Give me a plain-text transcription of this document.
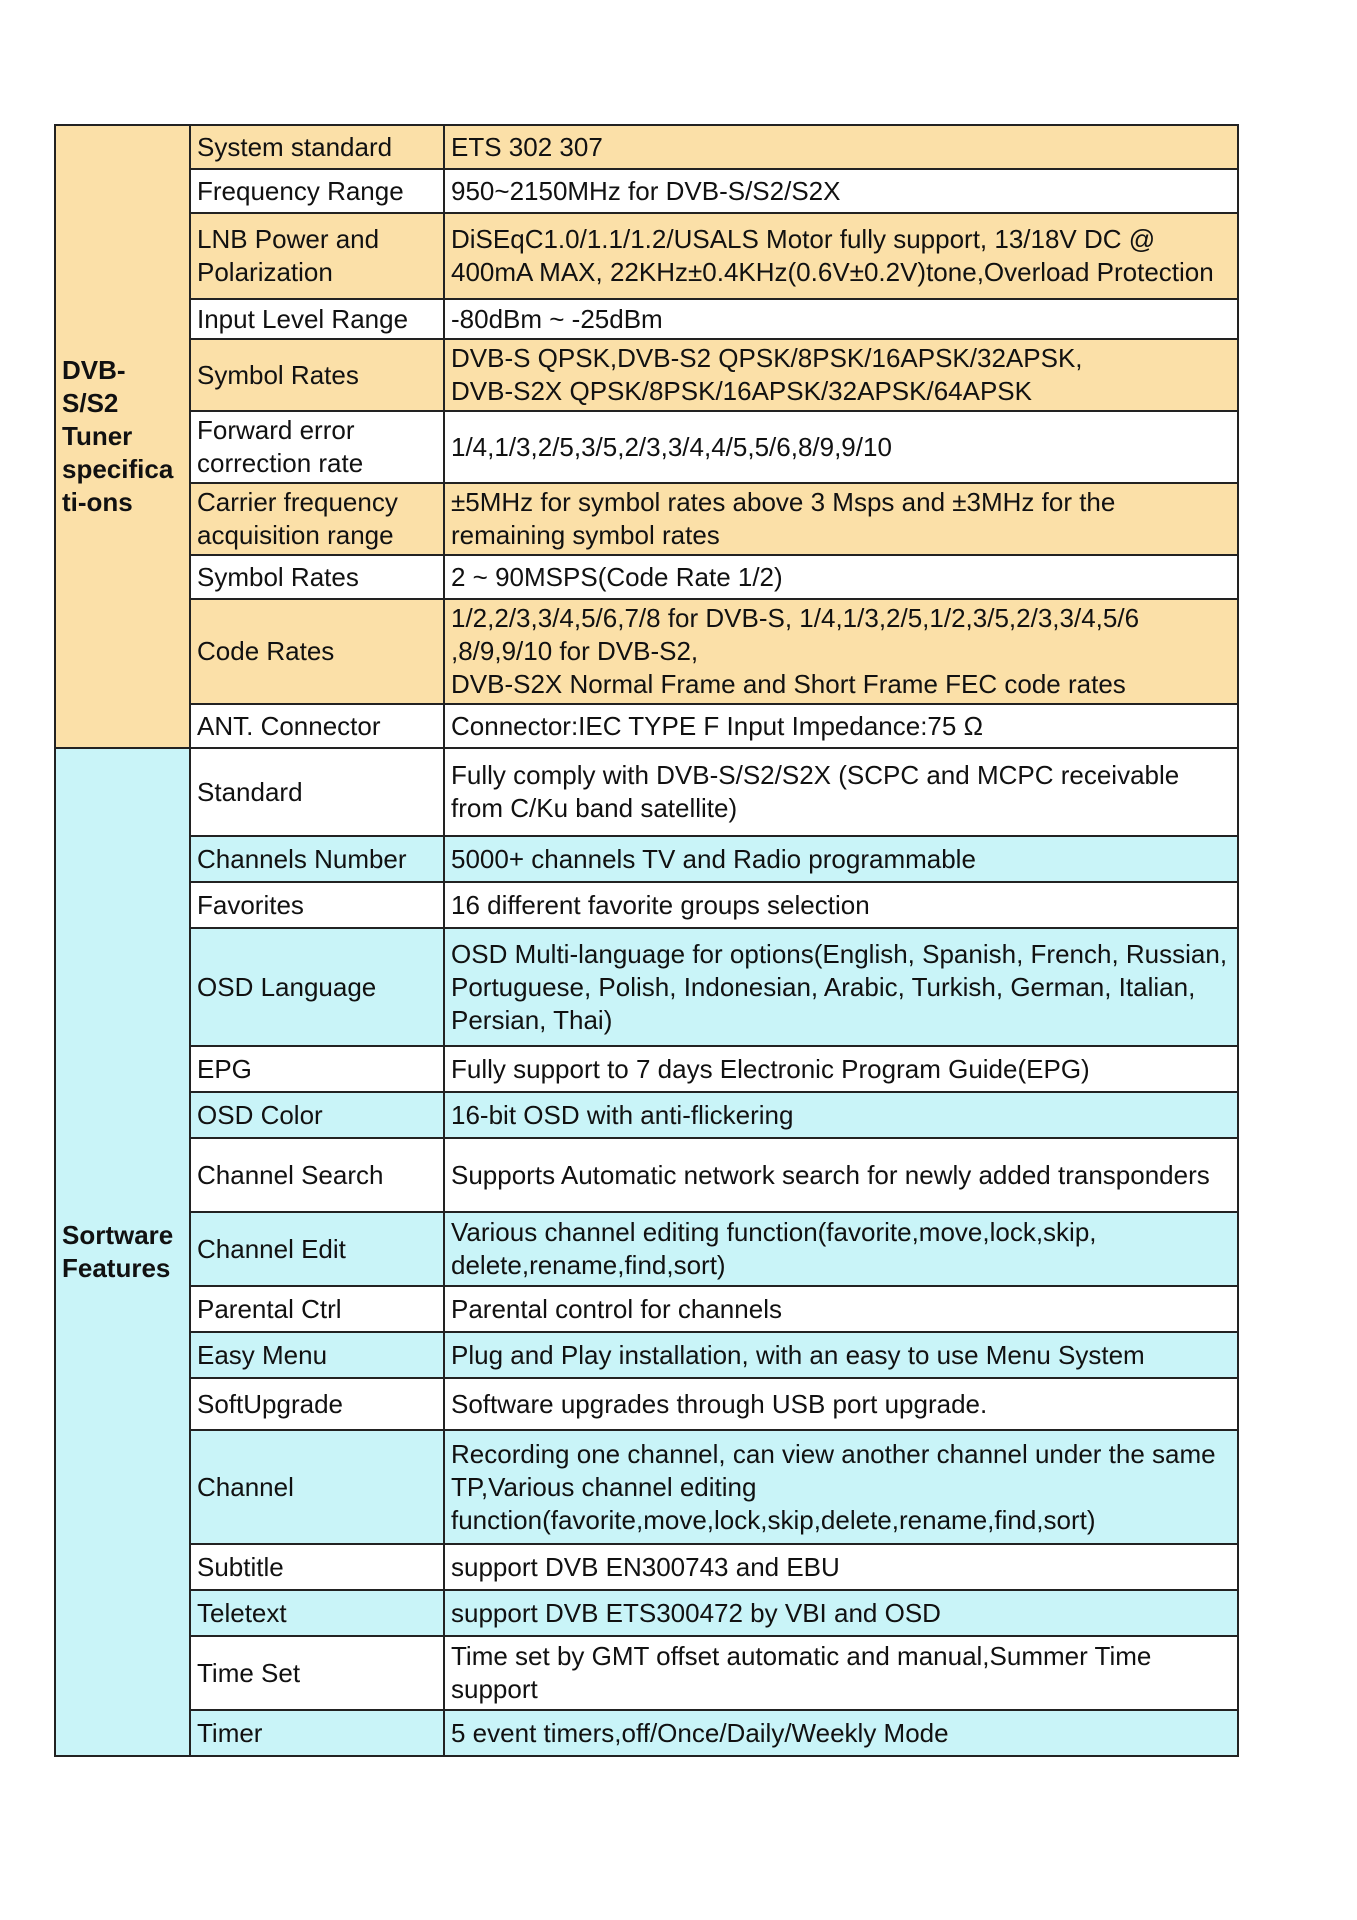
DVB-
S/S2
Tuner
specifica
ti-ons	System standard	ETS 302 307
	Frequency Range	950~2150MHz for DVB-S/S2/S2X
	LNB Power and Polarization	DiSEqC1.0/1.1/1.2/USALS Motor fully support, 13/18V DC @ 400mA MAX, 22KHz±0.4KHz(0.6V±0.2V)tone,Overload Protection
	Input Level Range	-80dBm ~ -25dBm
	Symbol Rates	DVB-S QPSK,DVB-S2 QPSK/8PSK/16APSK/32APSK,
DVB-S2X QPSK/8PSK/16APSK/32APSK/64APSK
	Forward error correction rate	1/4,1/3,2/5,3/5,2/3,3/4,4/5,5/6,8/9,9/10
	Carrier frequency acquisition range	±5MHz for symbol rates above 3 Msps and ±3MHz for the remaining symbol rates
	Symbol Rates	2 ~ 90MSPS(Code Rate 1/2)
	Code Rates	1/2,2/3,3/4,5/6,7/8 for DVB-S, 1/4,1/3,2/5,1/2,3/5,2/3,3/4,5/6
,8/9,9/10 for DVB-S2,
DVB-S2X Normal Frame and Short Frame FEC code rates
	ANT. Connector	Connector:IEC TYPE F Input Impedance:75 Ω
Sortware
Features	Standard	Fully comply with DVB-S/S2/S2X (SCPC and MCPC receivable from C/Ku band satellite)
	Channels Number	5000+ channels TV and Radio programmable
	Favorites	16 different favorite groups selection
	OSD Language	OSD Multi-language for options(English, Spanish, French, Russian, Portuguese, Polish, Indonesian, Arabic, Turkish, German, Italian, Persian, Thai)
	EPG	Fully support to 7 days Electronic Program Guide(EPG)
	OSD Color	16-bit OSD with anti-flickering
	Channel Search	Supports Automatic network search for newly added transponders
	Channel Edit	Various channel editing function(favorite,move,lock,skip, delete,rename,find,sort)
	Parental Ctrl	Parental control for channels
	Easy Menu	Plug and Play installation, with an easy to use Menu System
	SoftUpgrade	Software upgrades through USB port upgrade.
	Channel	Recording one channel, can view another channel under the same TP,Various channel editing function(favorite,move,lock,skip,delete,rename,find,sort)
	Subtitle	support DVB EN300743 and EBU
	Teletext	support DVB ETS300472 by VBI and OSD
	Time Set	Time set by GMT offset automatic and manual,Summer Time support
	Timer	5 event timers,off/Once/Daily/Weekly Mode
